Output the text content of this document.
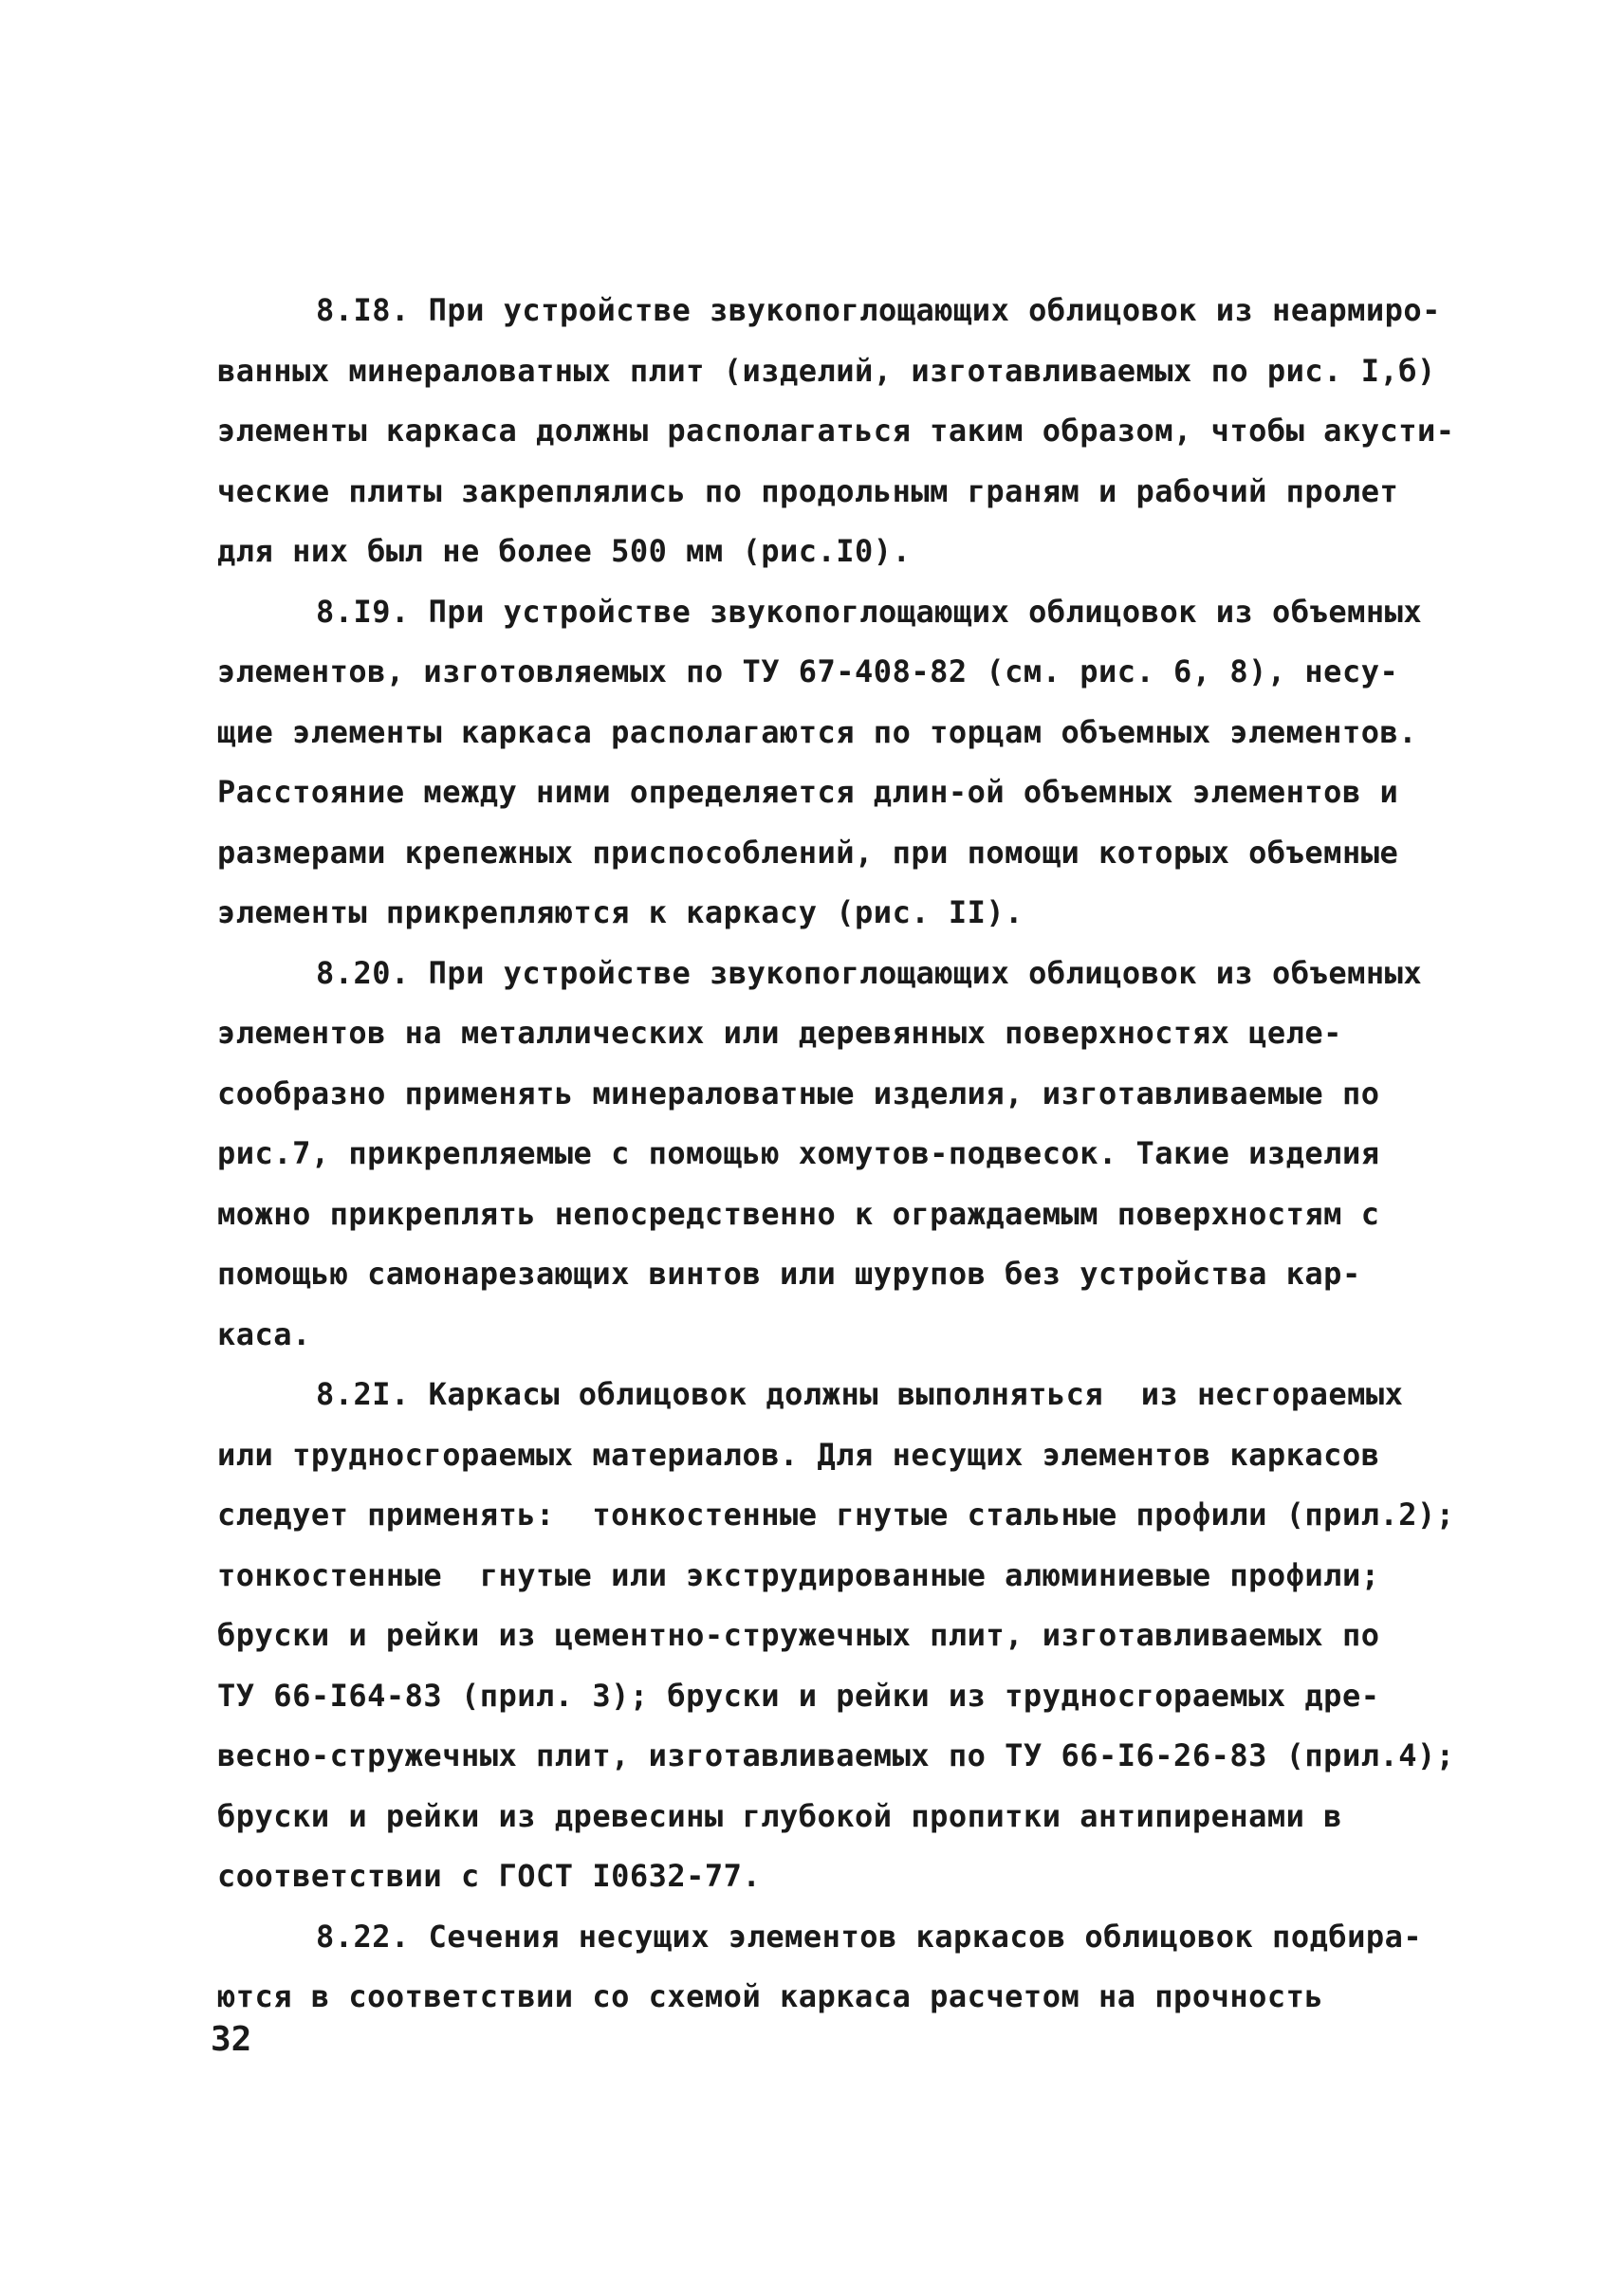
8.I8. При устройстве звукопоглощающих облицовок из неармиро-
ванных минераловатных плит (изделий, изготавливаемых по рис. I,б)
элементы каркаса должны располагаться таким образом, чтобы акусти-
ческие плиты закреплялись по продольным граням и рабочий пролет
для них был не более 500 мм (рис.I0).
8.I9. При устройстве звукопоглощающих облицовок из объемных
элементов, изготовляемых по ТУ 67-408-82 (см. рис. 6, 8), несу-
щие элементы каркаса располагаются по торцам объемных элементов.
Расстояние между ними определяется длин-ой объемных элементов и
размерами крепежных приспособлений, при помощи которых объемные
элементы прикрепляются к каркасу (рис. II).
8.20. При устройстве звукопоглощающих облицовок из объемных
элементов на металлических или деревянных поверхностях целе-
сообразно применять минераловатные изделия, изготавливаемые по
рис.7, прикрепляемые с помощью хомутов-подвесок. Такие изделия
можно прикреплять непосредственно к ограждаемым поверхностям с
помощью самонарезающих винтов или шурупов без устройства кар-
каса.
8.2I. Каркасы облицовок должны выполняться  из несгораемых
или трудносгораемых материалов. Для несущих элементов каркасов
следует применять:  тонкостенные гнутые стальные профили (прил.2);
тонкостенные  гнутые или экструдированные алюминиевые профили;
бруски и рейки из цементно-стружечных плит, изготавливаемых по
ТУ 66-I64-83 (прил. 3); бруски и рейки из трудносгораемых дре-
весно-стружечных плит, изготавливаемых по ТУ 66-I6-26-83 (прил.4);
бруски и рейки из древесины глубокой пропитки антипиренами в
соответствии с ГОСТ I0632-77.
8.22. Сечения несущих элементов каркасов облицовок подбира-
ются в соответствии со схемой каркаса расчетом на прочность
32
